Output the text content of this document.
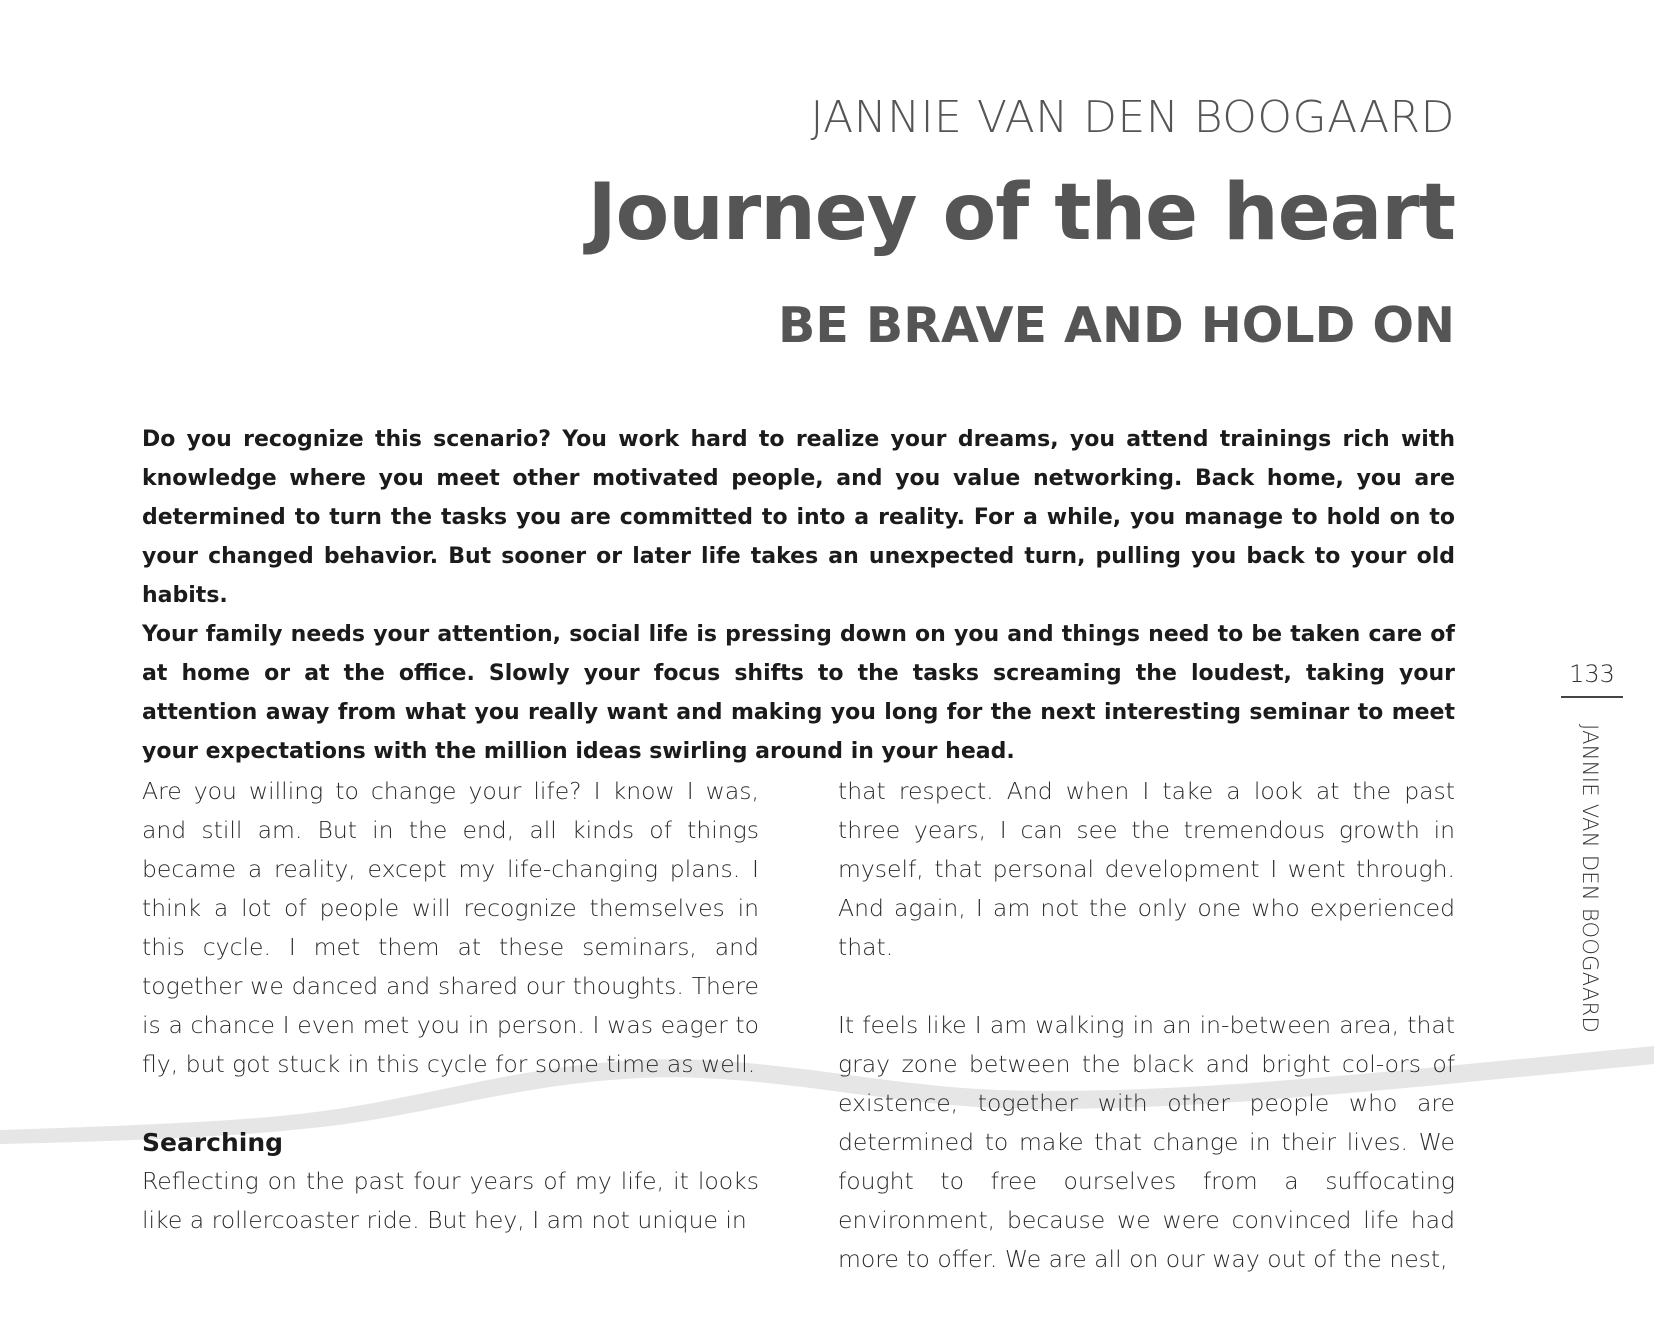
JANNIE VAN DEN BOOGAARD
Journey of the heart
BE BRAVE AND HOLD ON

Do you recognize this scenario? You work hard to realize your dreams, you attend trainings rich with knowledge where you meet other motivated people, and you value networking. Back home, you are determined to turn the tasks you are committed to into a reality. For a while, you manage to hold on to your changed behavior. But sooner or later life takes an unexpected turn, pulling you back to your old habits.

Your family needs your attention, social life is pressing down on you and things need to be taken care of at home or at the office. Slowly your focus shifts to the tasks screaming the loudest, taking your attention away from what you really want and making you long for the next interesting seminar to meet your expectations with the million ideas swirling around in your head.

Are you willing to change your life? I know I was, and still am. But in the end, all kinds of things became a reality, except my life-changing plans. I think a lot of people will recognize themselves in this cycle. I met them at these seminars, and together we danced and shared our thoughts. There is a chance I even met you in person. I was eager to fly, but got stuck in this cycle for some time as well.

Searching

Reflecting on the past four years of my life, it looks like a rollercoaster ride. But hey, I am not unique in

that respect. And when I take a look at the past three years, I can see the tremendous growth in myself, that personal development I went through. And again, I am not the only one who experienced that.

It feels like I am walking in an in-between area, that gray zone between the black and bright col-ors of existence, together with other people who are determined to make that change in their lives. We fought to free ourselves from a suffocating environment, because we were convinced life had more to offer. We are all on our way out of the nest,

133
JANNIE VAN DEN BOOGAARD
